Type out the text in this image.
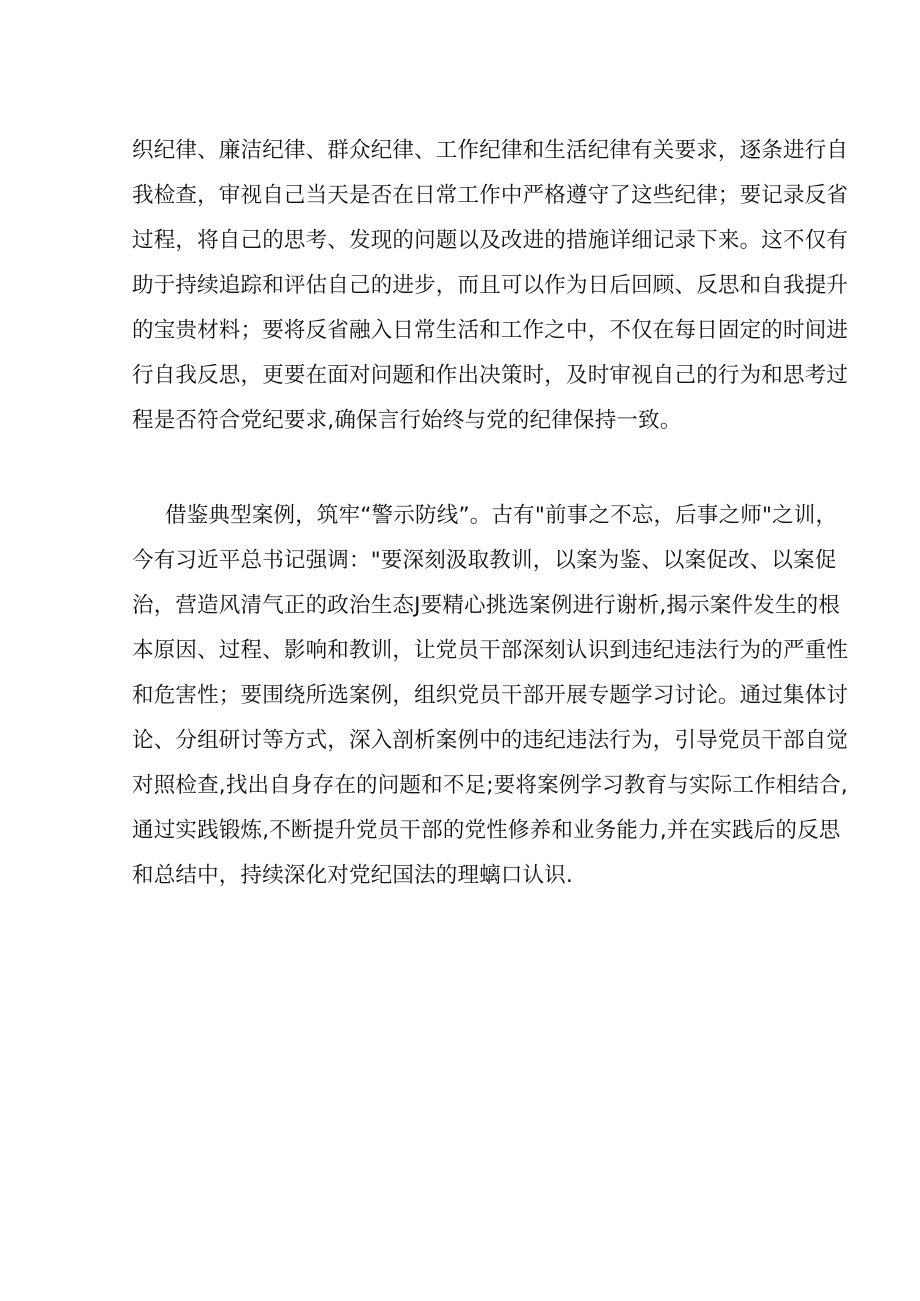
织纪律、廉洁纪律、群众纪律、工作纪律和生活纪律有关要求，逐条进行自
我检查，审视自己当天是否在日常工作中严格遵守了这些纪律；要记录反省
过程，将自己的思考、发现的问题以及改进的措施详细记录下来。这不仅有
助于持续追踪和评估自己的进步，而且可以作为日后回顾、反思和自我提升
的宝贵材料；要将反省融入日常生活和工作之中，不仅在每日固定的时间进
行自我反思，更要在面对问题和作出决策时，及时审视自己的行为和思考过
程是否符合党纪要求,确保言行始终与党的纪律保持一致。
借鉴典型案例，筑牢“警示防线”。古有"前事之不忘，后事之师"之训，
今有习近平总书记强调："要深刻汲取教训，以案为鉴、以案促改、以案促
治，营造风清气正的政治生态J要精心挑选案例进行谢析,揭示案件发生的根
本原因、过程、影响和教训，让党员干部深刻认识到违纪违法行为的严重性
和危害性；要围绕所选案例，组织党员干部开展专题学习讨论。通过集体讨
论、分组研讨等方式，深入剖析案例中的违纪违法行为，引导党员干部自觉
对照检查,找出自身存在的问题和不足;要将案例学习教育与实际工作相结合,
通过实践锻炼,不断提升党员干部的党性修养和业务能力,并在实践后的反思
和总结中，持续深化对党纪国法的理螭口认识.
